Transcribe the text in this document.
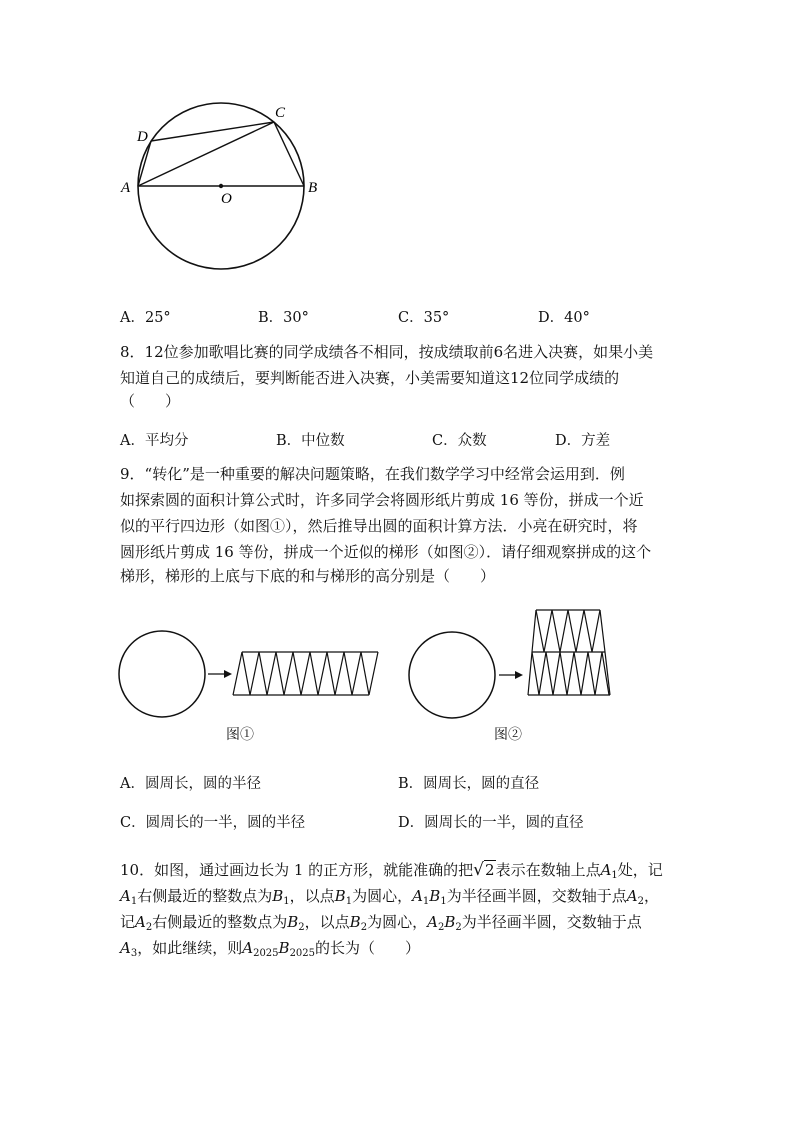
A	B
C
D
O
A．25°	B．30°	C．35°	D．40°
8．12位参加歌唱比赛的同学成绩各不相同，按成绩取前6名进入决赛，如果小美
知道自己的成绩后，要判断能否进入决赛，小美需要知道这12位同学成绩的
（　　）
A．平均分	B．中位数	C．众数	D．方差
9．“转化”是一种重要的解决问题策略，在我们数学学习中经常会运用到．例
如探索圆的面积计算公式时，许多同学会将圆形纸片剪成 16 等份，拼成一个近
似的平行四边形（如图①），然后推导出圆的面积计算方法．小亮在研究时，将
圆形纸片剪成 16 等份，拼成一个近似的梯形（如图②）．请仔细观察拼成的这个
梯形，梯形的上底与下底的和与梯形的高分别是（　　）
图①	图②
A．圆周长，圆的半径	B．圆周长，圆的直径
C．圆周长的一半，圆的半径	D．圆周长的一半，圆的直径
10．如图，通过画边长为 1 的正方形，就能准确的把√2表示在数轴上点$A_1$处，记
$A_1$右侧最近的整数点为$B_1$，以点$B_1$为圆心，$A_1B_1$为半径画半圆，交数轴于点$A_2$，
记$A_2$右侧最近的整数点为$B_2$，以点$B_2$为圆心，$A_2B_2$为半径画半圆，交数轴于点
$A_3$，如此继续，则$A_{2025}B_{2025}$的长为（　　）
